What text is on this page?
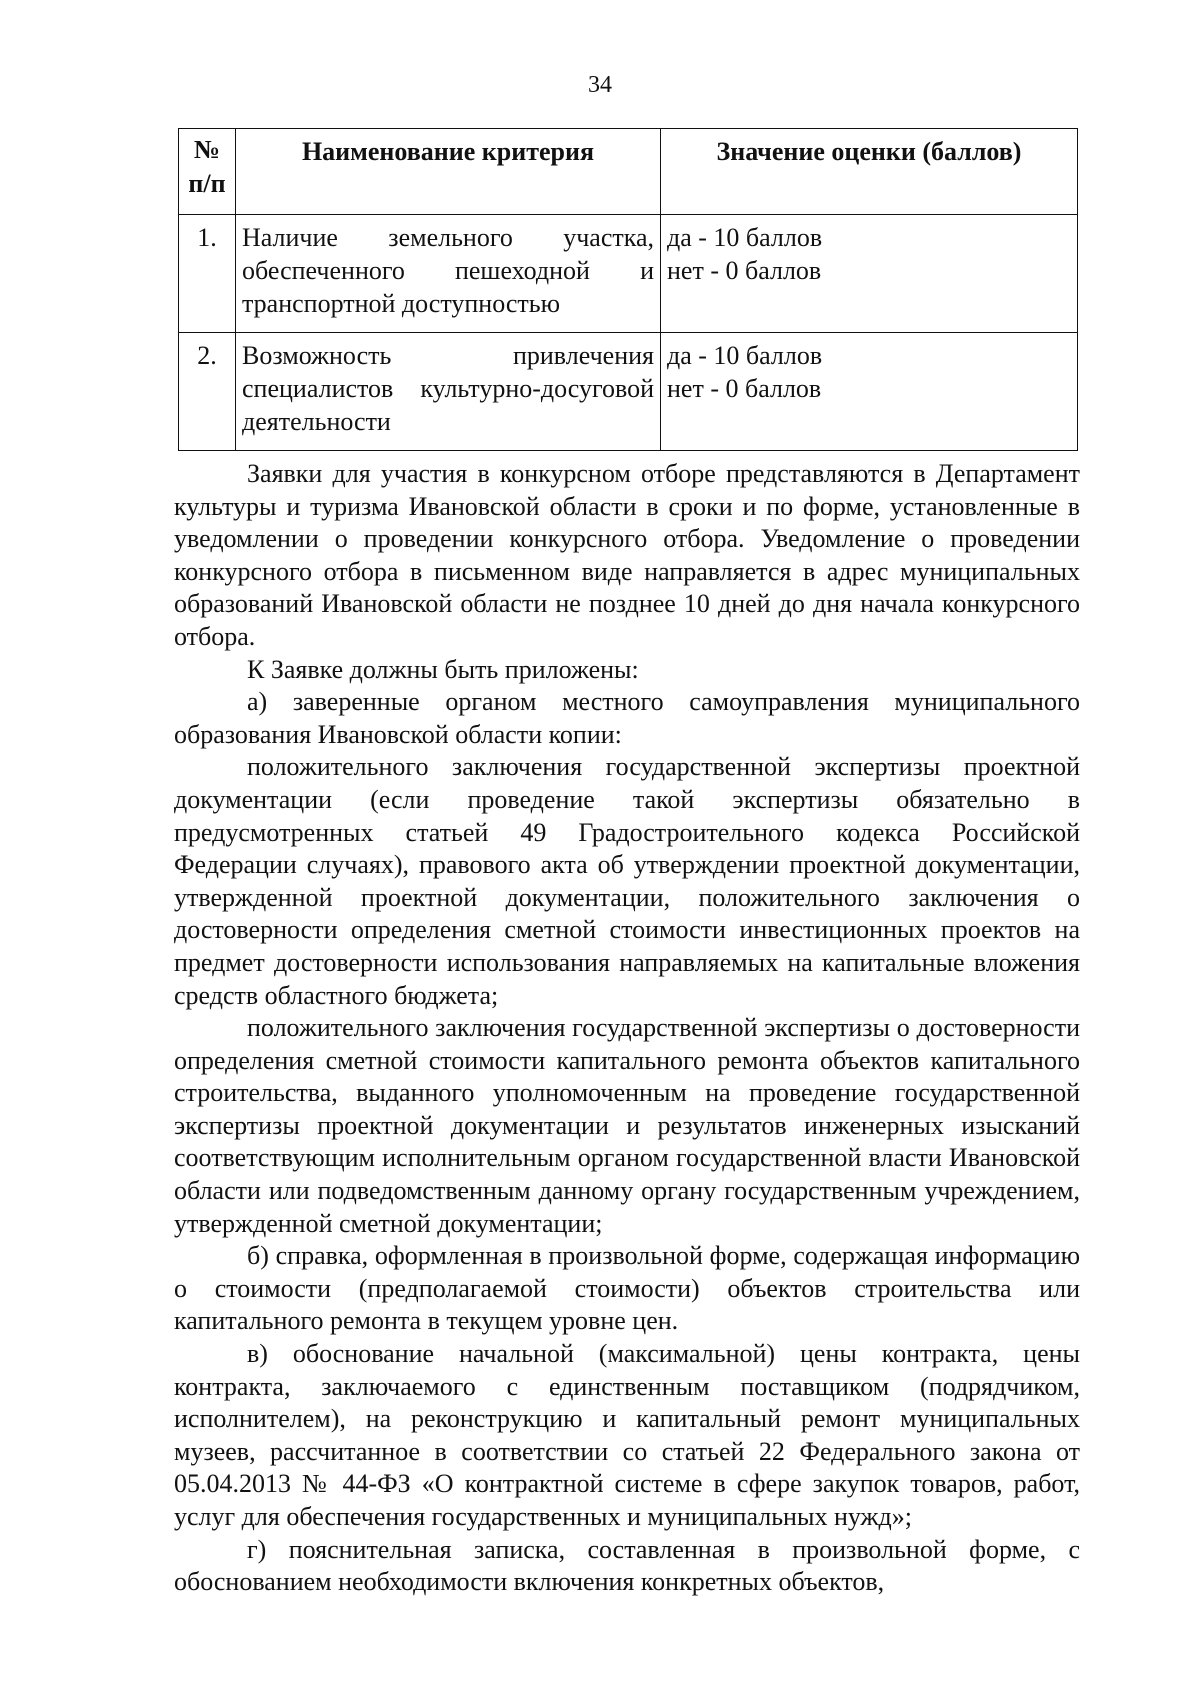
34
№ п/п	Наименование критерия	Значение оценки (баллов)
1.	Наличие земельного участка, обеспеченного пешеходной и транспортной доступностью	да - 10 баллов
нет - 0 баллов

2.	Возможность привлечения специалистов культурно-досуговой деятельности	да - 10 баллов
нет - 0 баллов

Заявки для участия в конкурсном отборе представляются в Департамент культуры и туризма Ивановской области в сроки и по форме, установленные в уведомлении о проведении конкурсного отбора. Уведомление о проведении конкурсного отбора в письменном виде направляется в адрес муниципальных образований Ивановской области не позднее 10 дней до дня начала конкурсного отбора.

К Заявке должны быть приложены:

а) заверенные органом местного самоуправления муниципального образования Ивановской области копии:

положительного заключения государственной экспертизы проектной документации (если проведение такой экспертизы обязательно в предусмотренных статьей 49 Градостроительного кодекса Российской Федерации случаях), правового акта об утверждении проектной документации, утвержденной проектной документации, положительного заключения о достоверности определения сметной стоимости инвестиционных проектов на предмет достоверности использования направляемых на капитальные вложения средств областного бюджета;

положительного заключения государственной экспертизы о достоверности определения сметной стоимости капитального ремонта объектов капитального строительства, выданного уполномоченным на проведение государственной экспертизы проектной документации и результатов инженерных изысканий соответствующим исполнительным органом государственной власти Ивановской области или подведомственным данному органу государственным учреждением, утвержденной сметной документации;

б) справка, оформленная в произвольной форме, содержащая информацию о стоимости (предполагаемой стоимости) объектов строительства или капитального ремонта в текущем уровне цен.

в) обоснование начальной (максимальной) цены контракта, цены контракта, заключаемого с единственным поставщиком (подрядчиком, исполнителем), на реконструкцию и капитальный ремонт муниципальных музеев, рассчитанное в соответствии со статьей 22 Федерального закона от 05.04.2013 № 44-ФЗ «О контрактной системе в сфере закупок товаров, работ, услуг для обеспечения государственных и муниципальных нужд»;

г) пояснительная записка, составленная в произвольной форме, с обоснованием необходимости включения конкретных объектов,
